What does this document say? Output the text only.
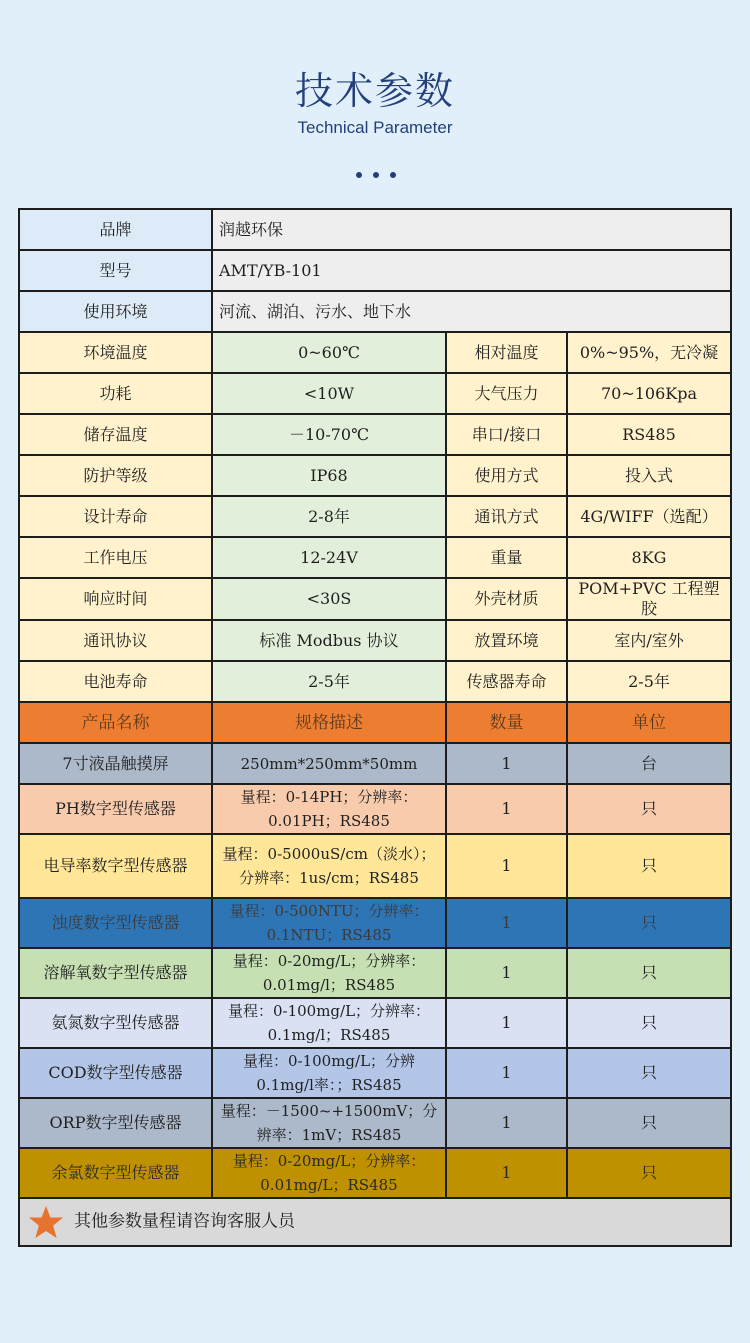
技术参数
Technical Parameter
品牌	润越环保		
型号	AMT/YB-101		
使用环境	河流、湖泊、污水、地下水		
环境温度	0~60℃	相对温度	0%~95%，无冷凝
功耗	<10W	大气压力	70~106Kpa
储存温度	－10-70℃	串口/接口	RS485
防护等级	IP68	使用方式	投入式
设计寿命	2-8年	通讯方式	4G/WIFF（选配）
工作电压	12-24V	重量	8KG
响应时间	<30S	外壳材质	POM+PVC 工程塑胶
通讯协议	标准 Modbus 协议	放置环境	室内/室外
电池寿命	2-5年	传感器寿命	2-5年
产品名称	规格描述	数量	单位
7寸液晶触摸屏	250mm*250mm*50mm	1	台
PH数字型传感器	量程：0-14PH；分辨率：0.01PH；RS485	1	只
电导率数字型传感器	量程：0-5000uS/cm（淡水）；分辨率：1us/cm；RS485	1	只
浊度数字型传感器	量程：0-500NTU；分辨率：0.1NTU；RS485	1	只
溶解氧数字型传感器	量程：0-20mg/L；分辨率：0.01mg/l；RS485	1	只
氨氮数字型传感器	量程：0-100mg/L；分辨率：0.1mg/l；RS485	1	只
COD数字型传感器	量程：0-100mg/L；分辨0.1mg/l率：；RS485	1	只
ORP数字型传感器	量程：－1500~+1500mV；分辨率：1mV；RS485	1	只
余氯数字型传感器	量程：0-20mg/L；分辨率：0.01mg/L；RS485	1	只
其他参数量程请咨询客服人员			
